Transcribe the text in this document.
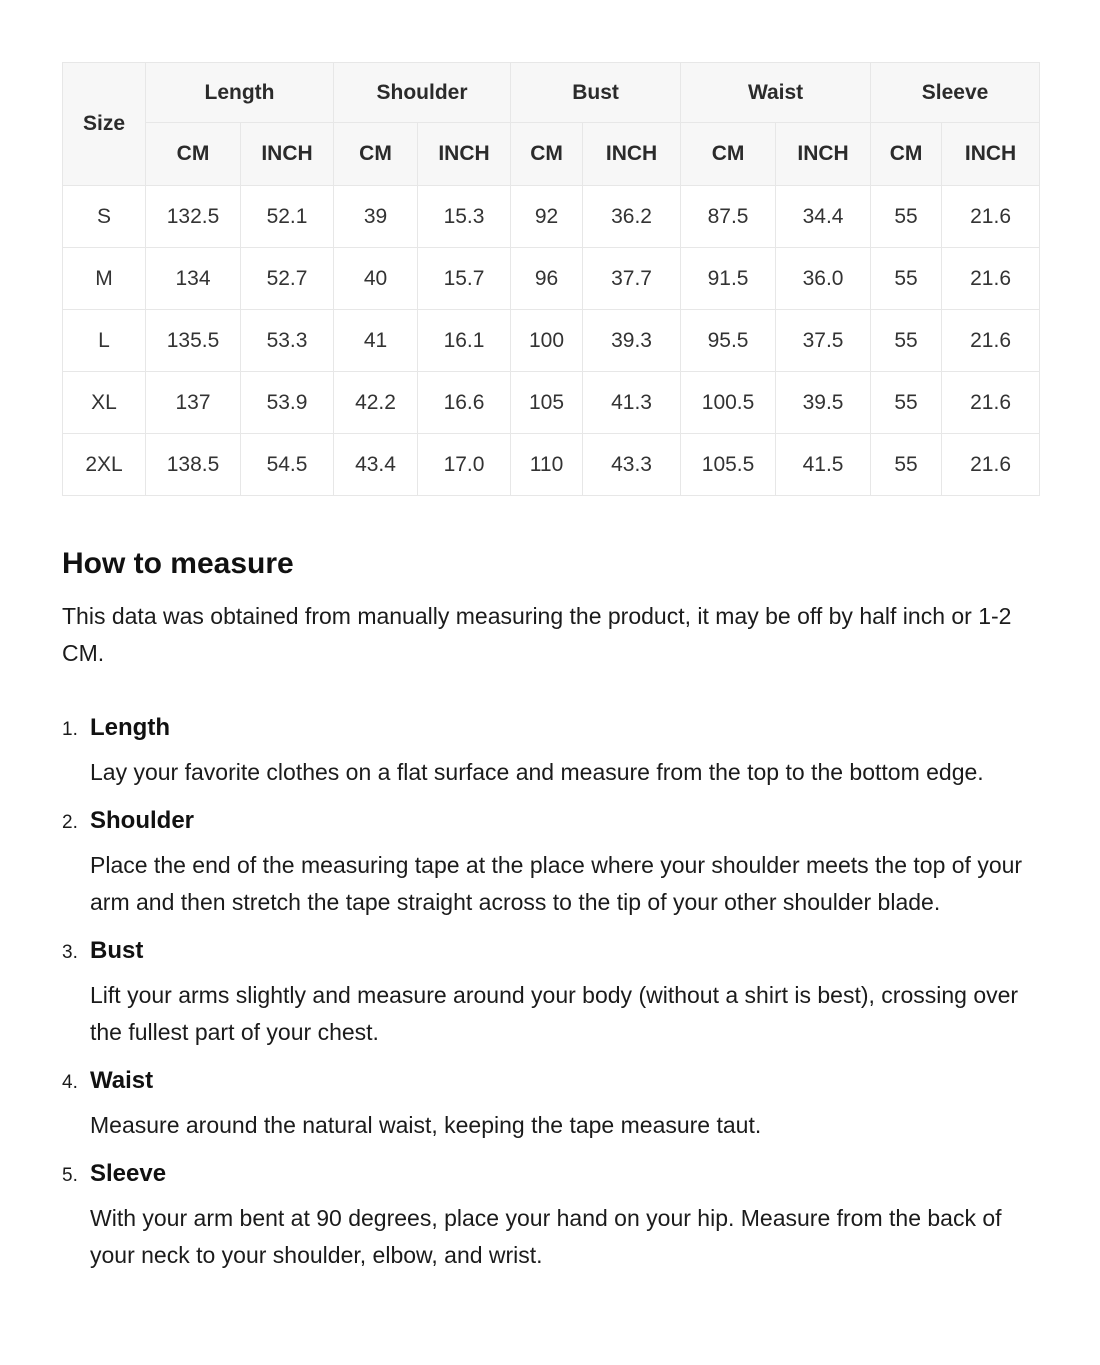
Size	Length		Shoulder		Bust		Waist		Sleeve	
	CM	INCH	CM	INCH	CM	INCH	CM	INCH	CM	INCH
S	132.5	52.1	39	15.3	92	36.2	87.5	34.4	55	21.6
M	134	52.7	40	15.7	96	37.7	91.5	36.0	55	21.6
L	135.5	53.3	41	16.1	100	39.3	95.5	37.5	55	21.6
XL	137	53.9	42.2	16.6	105	41.3	100.5	39.5	55	21.6
2XL	138.5	54.5	43.4	17.0	110	43.3	105.5	41.5	55	21.6
How to measure

This data was obtained from manually measuring the product, it may be off by half inch or 1-2 CM.

1. Length

Lay your favorite clothes on a flat surface and measure from the top to the bottom edge.

2. Shoulder

Place the end of the measuring tape at the place where your shoulder meets the top of your arm and then stretch the tape straight across to the tip of your other shoulder blade.

3. Bust

Lift your arms slightly and measure around your body (without a shirt is best), crossing over the fullest part of your chest.

4. Waist

Measure around the natural waist, keeping the tape measure taut.

5. Sleeve

With your arm bent at 90 degrees, place your hand on your hip. Measure from the back of your neck to your shoulder, elbow, and wrist.
